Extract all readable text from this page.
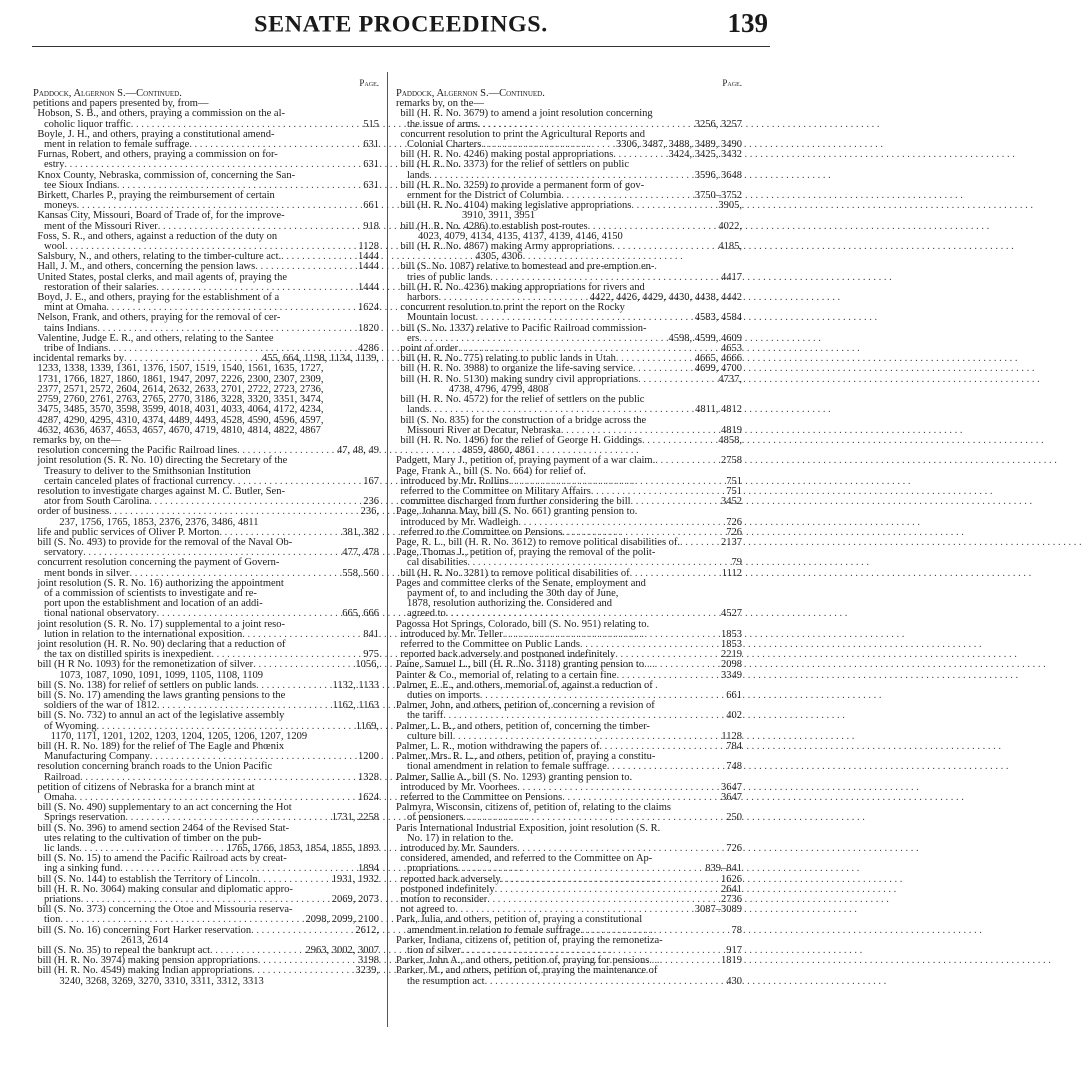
SENATE PROCEEDINGS.	139
Page.
Paddock, Algernon S.—Continued.
petitions and papers presented by, from—
Hobson, S. B., and others, praying a commission on the al-
coholic liquor traffic . . .	515
Boyle, J. H., and others, praying a constitutional amend-
ment in relation to female suffrage . . .	631
Furnas, Robert, and others, praying a commission on for-
estry . . .	631
Knox County, Nebraska, commission of, concerning the San-
tee Sioux Indians . . .	631
Birkett, Charles P., praying the reimbursement of certain
moneys . . .	661
Kansas City, Missouri, Board of Trade of, for the improve-
ment of the Missouri River . . .	918
Foss, S. R., and others, against a reduction of the duty on
wool . . .	1128
Salsbury, N., and others, relating to the timber-culture act. . . .	1444
Hall, J. M., and others, concerning the pension laws . . .	1444
United States, postal clerks, and mail agents of, praying the
restoration of their salaries . . .	1444
Boyd, J. E., and others, praying for the establishment of a
mint at Omaha . . .	1624
Nelson, Frank, and others, praying for the removal of cer-
tains Indians . . .	1820
Valentine, Judge E. R., and others, relating to the Santee
tribe of Indians . . .	4286
incidental remarks by . . .	455, 664, 1198, 1134, 1139,
1233, 1338, 1339, 1361, 1376, 1507, 1519, 1540, 1561, 1635, 1727,
1731, 1766, 1827, 1860, 1861, 1947, 2097, 2226, 2300, 2307, 2309,
2377, 2571, 2572, 2604, 2614, 2632, 2633, 2701, 2722, 2723, 2736,
2759, 2760, 2761, 2763, 2765, 2770, 3186, 3228, 3320, 3351, 3474,
3475, 3485, 3570, 3598, 3599, 4018, 4031, 4033, 4064, 4172, 4234,
4287, 4290, 4295, 4310, 4374, 4489, 4493, 4528, 4590, 4596, 4597,
4632, 4636, 4637, 4653, 4657, 4670, 4719, 4810, 4814, 4822, 4867
remarks by, on the—
resolution concerning the Pacific Railroad lines . . .	47, 48, 49
joint resolution (S. R. No. 10) directing the Secretary of the
Treasury to deliver to the Smithsonian Institution
certain canceled plates of fractional currency . . .	167
resolution to investigate charges against M. C. Butler, Sen-
ator from South Carolina . . .	236
order of business . . .	236,
237, 1756, 1765, 1853, 2376, 2376, 3486, 4811
life and public services of Oliver P. Morton . . .	381, 382
bill (S. No. 493) to provide for the removal of the Naval Ob-
servatory . . .	477, 478
concurrent resolution concerning the payment of Govern-
ment bonds in silver . . .	558, 560
joint resolution (S. R. No. 16) authorizing the appointment
of a commission of scientists to investigate and re-
port upon the establishment and location of an addi-
tional national observatory . . .	665, 666
joint resolution (S. R. No. 17) supplemental to a joint reso-
lution in relation to the international exposition . . .	841
joint resolution (H. R. No. 90) declaring that a reduction of
the tax on distilled spirits is inexpedient . . .	975
bill (H R No. 1093) for the remonetization of silver . . .	1056,
1073, 1087, 1090, 1091, 1099, 1105, 1108, 1109
bill (S. No. 138) for relief of settlers on public lands . . .	1132, 1133
bill (S. No. 17) amending the laws granting pensions to the
soldiers of the war of 1812 . . .	1162, 1163
bill (S. No. 732) to annul an act of the legislative assembly
of Wyoming . . .	1169,
1170, 1171, 1201, 1202, 1203, 1204, 1205, 1206, 1207, 1209
bill (H. R. No. 189) for the relief of The Eagle and Phœnix
Manufacturing Company . . .	1200
resolution concerning branch roads to the Union Pacific
Railroad . . .	1328
petition of citizens of Nebraska for a branch mint at
Omaha . . .	1624
bill (S. No. 490) supplementary to an act concerning the Hot
Springs reservation . . .	1731, 2258
bill (S. No. 396) to amend section 2464 of the Revised Stat-
utes relating to the cultivation of timber on the pub-
lic lands . . .	1765, 1766, 1853, 1854, 1855, 1893
bill (S. No. 15) to amend the Pacific Railroad acts by creat-
ing a sinking fund . . .	1894
bill (S. No. 144) to establish the Territory of Lincoln . . .	1931, 1932
bill (H. R. No. 3064) making consular and diplomatic appro-
priations . . .	2069, 2073
bill (S. No. 373) concerning the Otoe and Missouria reserva-
tion . . .	2098, 2099, 2100
bill (S. No. 16) concerning Fort Harker reservation . . .	2612,
2613, 2614
bill (S. No. 35) to repeal the bankrupt act . . .	2963, 3002, 3007
bill (H. R. No. 3974) making pension appropriations . . .	3198
bill (H. R. No. 4549) making Indian appropriations . . .	3239,
3240, 3268, 3269, 3270, 3310, 3311, 3312, 3313
Page.
Paddock, Algernon S.—Continued.
remarks by, on the—
bill (H. R. No. 3679) to amend a joint resolution concerning
the issue of arms . . .	3256, 3257
concurrent resolution to print the Agricultural Reports and
Colonial Charters . . .	3306, 3487, 3488, 3489, 3490
bill (H. R. No. 4246) making postal appropriations . . .	3424, 3425, 3432
bill (H. R. No. 3373) for the relief of settlers on public
lands . . .	3596, 3648
bill (H. R. No. 3259) to provide a permanent form of gov-
ernment for the District of Columbia . . .	3750–3752
bill (H. R. No. 4104) making legislative appropriations . . .	3905,
3910, 3911, 3951
bill (H. R. No. 4286) to establish post-routes . . .	4022,
4023, 4079, 4134, 4135, 4137, 4139, 4146, 4150
bill (H. R. No. 4867) making Army appropriations . . .	4185,
4305, 4306
bill (S. No. 1087) relative to homestead and pre-emption en-
tries of public lands . . .	4417
bill (H. R. No. 4236) making appropriations for rivers and
harbors . . .	4422, 4426, 4429, 4430, 4438, 4442
concurrent resolution to print the report on the Rocky
Mountain locust . . .	4583, 4584
bill (S. No. 1337) relative to Pacific Railroad commission-
ers . . .	4598, 4599, 4609
point of order . . .	4653
bill (H. R. No. 775) relating to public lands in Utah . . .	4665, 4666
bill (H. R. No. 3988) to organize the life-saving service . . .	4699, 4700
bill (H. R. No. 5130) making sundry civil appropriations . . .	4737,
4738, 4796, 4799, 4808
bill (H. R. No. 4572) for the relief of settlers on the public
lands . . .	4811, 4812
bill (S. No. 835) for the construction of a bridge across the
Missouri River at Decatur, Nebraska . . .	4819
bill (H. R. No. 1496) for the relief of George H. Giddings . . .	4858,
4859, 4860, 4861
Padgett, Mary J., petition of, praying payment of a war claim. . . .	2758
Page, Frank A., bill (S. No. 664) for relief of.
introduced by Mr. Rollins . . .	751
referred to the Committee on Military Affairs . . .	751
committee discharged from further considering the bill . . .	3452
Page, Johanna May, bill (S. No. 661) granting pension to.
introduced by Mr. Wadleigh . . .	726
referred to the Committee on Pensions . . .	726
Page, R. L., bill (H. R. No. 3612) to remove political disabilities of. . . .	2137
Page, Thomas J., petition of, praying the removal of the polit-
cal disabilities . . .	79
bill (H. R. No. 3281) to remove political disabilities of . . .	1112
Pages and committee clerks of the Senate, employment and
payment of, to and including the 30th day of June,
1878, resolution authorizing the. Considered and
agreed to . . .	4527
Pagossa Hot Springs, Colorado, bill (S. No. 951) relating to.
introduced by Mr. Teller . . .	1853
referred to the Committee on Public Lands . . .	1853
reported back adversely and postponed indefinitely . . .	2219
Paine, Samuel L., bill (H. R. No. 3118) granting pension to . . .	2098
Painter & Co., memorial of, relating to a certain fine . . .	3349
Palmer, E. E., and others, memorial of, against a reduction of
duties on imports . . .	661
Palmer, John, and others, petition of, concerning a revision of
the tariff . . .	402
Palmer, L. B., and others, petition of, concerning the timber-
culture bill . . .	1128
Palmer, L. R., motion withdrawing the papers of . . .	784
Palmer, Mrs. R. L., and others, petition of, praying a constitu-
tional amendment in relation to female suffrage . . .	748
Palmer, Sallie A., bill (S. No. 1293) granting pension to.
introduced by Mr. Voorhees . . .	3647
referred to the Committee on Pensions . . .	3647
Palmyra, Wisconsin, citizens of, petition of, relating to the claims
of pensioners . . .	250
Paris International Industrial Exposition, joint resolution (S. R.
No. 17) in relation to the.
introduced by Mr. Saunders . . .	726
considered, amended, and referred to the Committee on Ap-
propriations . . .	839–841
reported back adversely . . .	1626
postponed indefinitely . . .	2641
motion to reconsider . . .	2736
not agreed to . . .	3087–3089
Park, Julia, and others, petition of, praying a constitutional
amendment in relation to female suffrage . . .	78
Parker, Indiana, citizens of, petition of, praying the remonetiza-
tion of silver . . .	917
Parker, John A., and others, petition of, praying for pensions . . .	1819
Parker, M., and others, petition of, praying the maintenance of
the resumption act . . .	430
